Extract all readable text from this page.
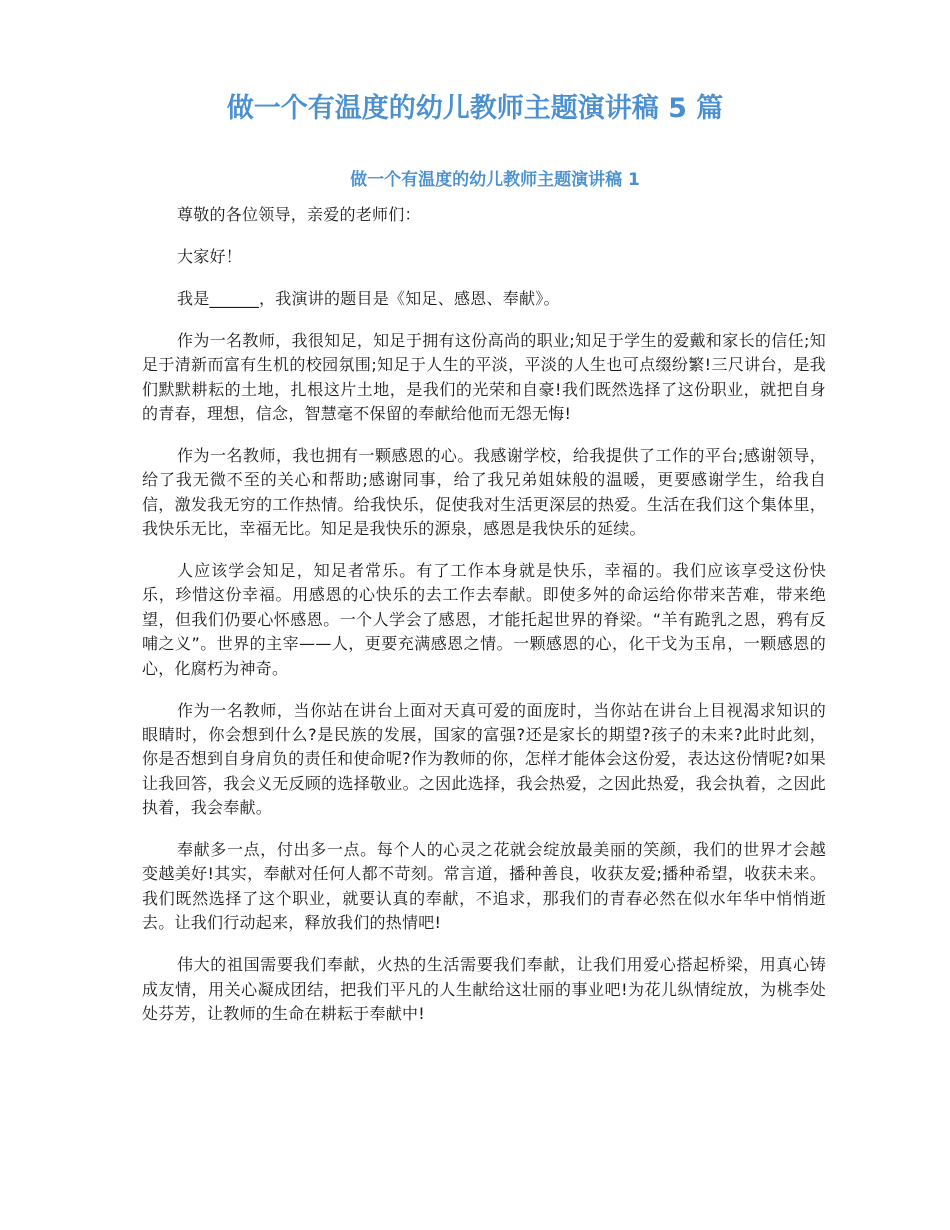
做一个有温度的幼儿教师主题演讲稿 5 篇
做一个有温度的幼儿教师主题演讲稿 1

尊敬的各位领导，亲爱的老师们：

大家好！

我是______，我演讲的题目是《知足、感恩、奉献》。

作为一名教师，我很知足，知足于拥有这份高尚的职业;知足于学生的爱戴和家长的信任;知足于清新而富有生机的校园氛围;知足于人生的平淡，平淡的人生也可点缀纷繁!三尺讲台，是我们默默耕耘的土地，扎根这片土地，是我们的光荣和自豪!我们既然选择了这份职业，就把自身的青春，理想，信念，智慧毫不保留的奉献给他而无怨无悔!

作为一名教师，我也拥有一颗感恩的心。我感谢学校，给我提供了工作的平台;感谢领导，给了我无微不至的关心和帮助;感谢同事，给了我兄弟姐妹般的温暖，更要感谢学生，给我自信，激发我无穷的工作热情。给我快乐，促使我对生活更深层的热爱。生活在我们这个集体里，我快乐无比，幸福无比。知足是我快乐的源泉，感恩是我快乐的延续。

人应该学会知足，知足者常乐。有了工作本身就是快乐，幸福的。我们应该享受这份快乐，珍惜这份幸福。用感恩的心快乐的去工作去奉献。即使多舛的命运给你带来苦难，带来绝望，但我们仍要心怀感恩。一个人学会了感恩，才能托起世界的脊梁。“羊有跪乳之恩，鸦有反哺之义”。世界的主宰——人，更要充满感恩之情。一颗感恩的心，化干戈为玉帛，一颗感恩的心，化腐朽为神奇。

作为一名教师，当你站在讲台上面对天真可爱的面庞时，当你站在讲台上目视渴求知识的眼睛时，你会想到什么?是民族的发展，国家的富强?还是家长的期望?孩子的未来?此时此刻，你是否想到自身肩负的责任和使命呢?作为教师的你，怎样才能体会这份爱，表达这份情呢?如果让我回答，我会义无反顾的选择敬业。之因此选择，我会热爱，之因此热爱，我会执着，之因此执着，我会奉献。

奉献多一点，付出多一点。每个人的心灵之花就会绽放最美丽的笑颜，我们的世界才会越变越美好!其实，奉献对任何人都不苛刻。常言道，播种善良，收获友爱;播种希望，收获未来。我们既然选择了这个职业，就要认真的奉献，不追求，那我们的青春必然在似水年华中悄悄逝去。让我们行动起来，释放我们的热情吧!

伟大的祖国需要我们奉献，火热的生活需要我们奉献，让我们用爱心搭起桥梁，用真心铸成友情，用关心凝成团结，把我们平凡的人生献给这壮丽的事业吧!为花儿纵情绽放，为桃李处处芬芳，让教师的生命在耕耘于奉献中!
